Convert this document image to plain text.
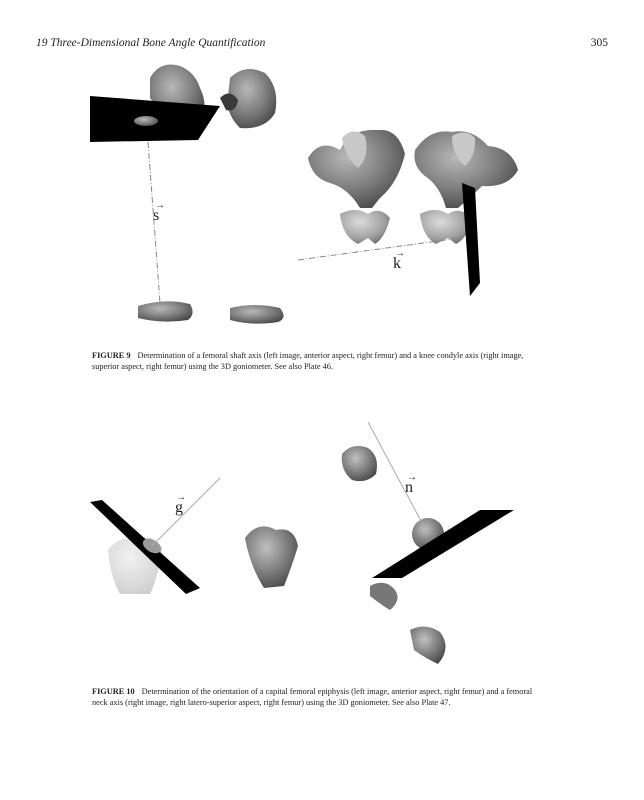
19 Three-Dimensional Bone Angle Quantification	305
s
→
k
→
FIGURE 9 Determination of a femoral shaft axis (left image, anterior aspect, right femur) and a knee condyle axis (right image, superior aspect, right femur) using the 3D goniometer. See also Plate 46.
g
→
n
→
FIGURE 10 Determination of the orientation of a capital femoral epiphysis (left image, anterior aspect, right femur) and a femoral neck axis (right image, right latero-superior aspect, right femur) using the 3D goniometer. See also Plate 47.
